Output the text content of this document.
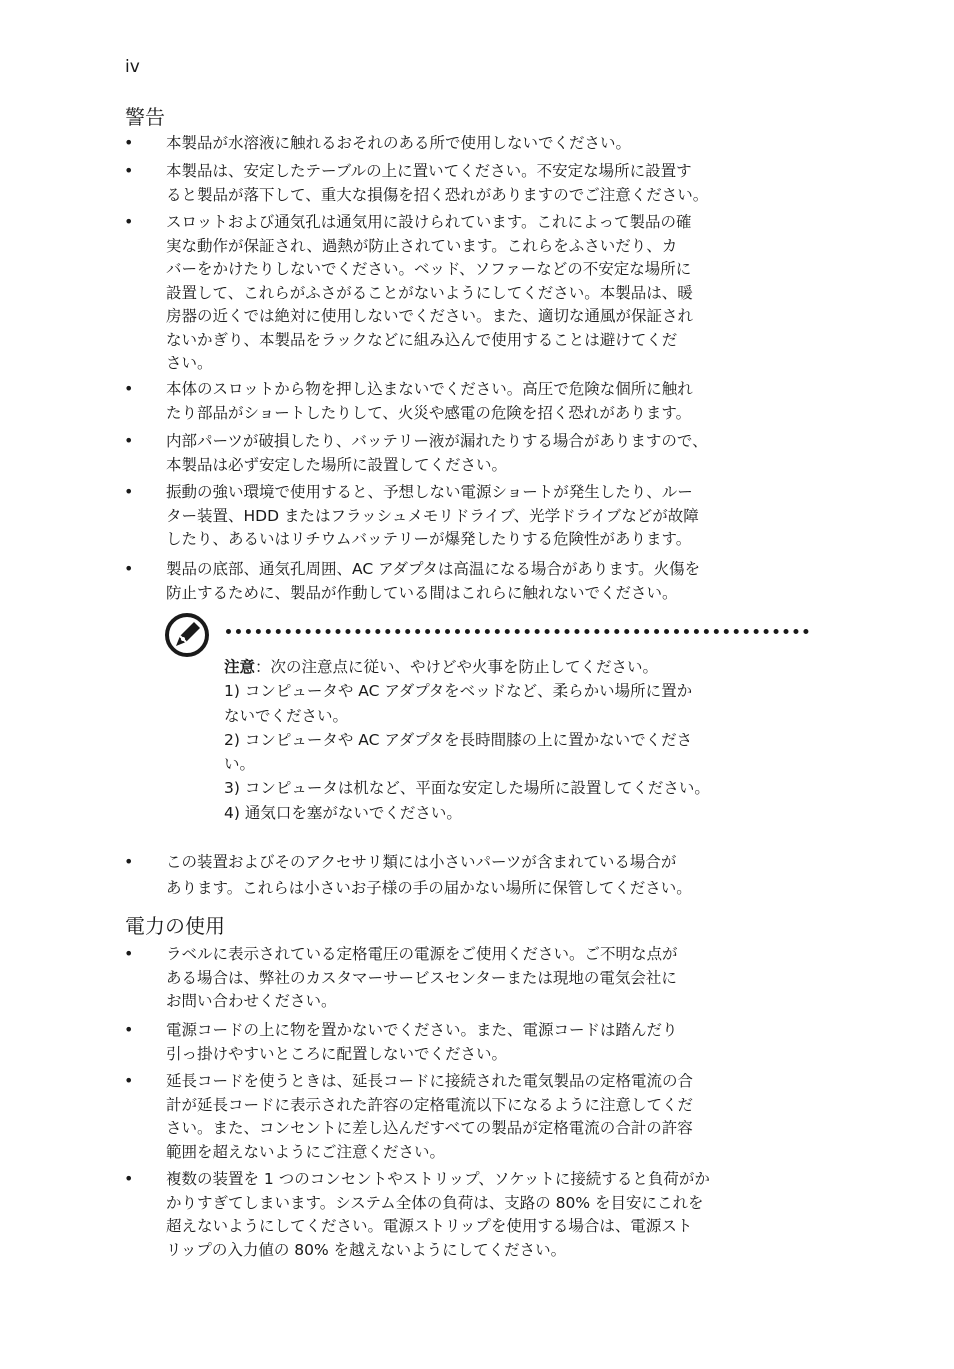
iv
警告
• 本製品が水溶液に触れるおそれのある所で使用しないでください。
• 本製品は、安定したテーブルの上に置いてください。不安定な場所に設置す
ると製品が落下して、重大な損傷を招く恐れがありますのでご注意ください。
• スロットおよび通気孔は通気用に設けられています。これによって製品の確
実な動作が保証され、過熱が防止されています。これらをふさいだり、カ
バーをかけたりしないでください。ベッド、ソファーなどの不安定な場所に
設置して、これらがふさがることがないようにしてください。本製品は、暖
房器の近くでは絶対に使用しないでください。また、適切な通風が保証され
ないかぎり、本製品をラックなどに組み込んで使用することは避けてくだ
さい。
• 本体のスロットから物を押し込まないでください。高圧で危険な個所に触れ
たり部品がショートしたりして、火災や感電の危険を招く恐れがあります。
• 内部パーツが破損したり、バッテリー液が漏れたりする場合がありますので、
本製品は必ず安定した場所に設置してください。
• 振動の強い環境で使用すると、予想しない電源ショートが発生したり、ルー
ター装置、HDD またはフラッシュメモリドライブ、光学ドライブなどが故障
したり、あるいはリチウムバッテリーが爆発したりする危険性があります。
• 製品の底部、通気孔周囲、AC アダプタは高温になる場合があります。火傷を
防止するために、製品が作動している間はこれらに触れないでください。
注意：次の注意点に従い、やけどや火事を防止してください。
1) コンピュータや AC アダプタをベッドなど、柔らかい場所に置か
ないでください。
2) コンピュータや AC アダプタを長時間膝の上に置かないでくださ
い。
3) コンピュータは机など、平面な安定した場所に設置してください。
4) 通気口を塞がないでください。
• この装置およびそのアクセサリ類には小さいパーツが含まれている場合が
あります。これらは小さいお子様の手の届かない場所に保管してください。
電力の使用
• ラベルに表示されている定格電圧の電源をご使用ください。ご不明な点が
ある場合は、弊社のカスタマーサービスセンターまたは現地の電気会社に
お問い合わせください。
• 電源コードの上に物を置かないでください。また、電源コードは踏んだり
引っ掛けやすいところに配置しないでください。
• 延長コードを使うときは、延長コードに接続された電気製品の定格電流の合
計が延長コードに表示された許容の定格電流以下になるように注意してくだ
さい。また、コンセントに差し込んだすべての製品が定格電流の合計の許容
範囲を超えないようにご注意ください。
• 複数の装置を 1 つのコンセントやストリップ、ソケットに接続すると負荷がか
かりすぎてしまいます。システム全体の負荷は、支路の 80% を目安にこれを
超えないようにしてください。電源ストリップを使用する場合は、電源スト
リップの入力値の 80% を越えないようにしてください。
